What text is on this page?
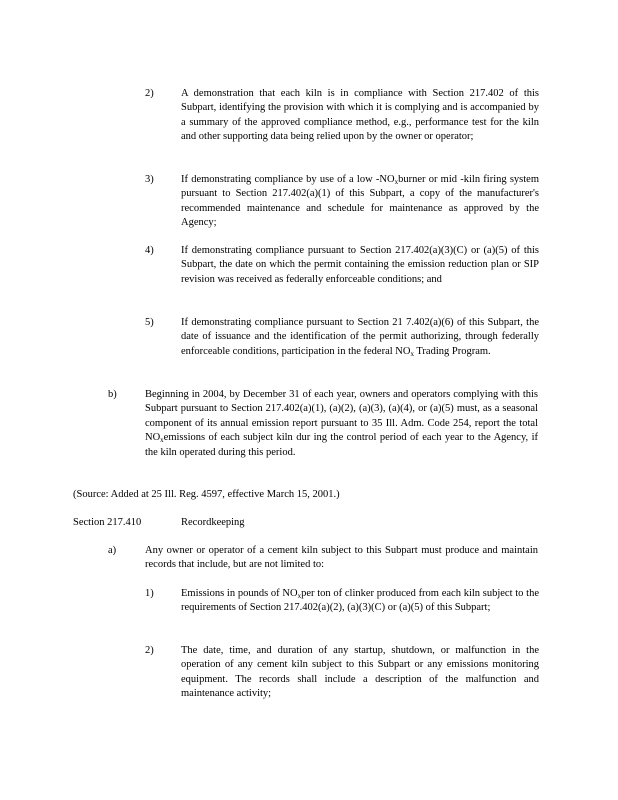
2)	A demonstration that each kiln is in compliance with Section 217.402 of this Subpart, identifying the provision with which it is complying and is accompanied by a summary of the approved compliance method, e.g., performance test for the kiln and other supporting data being relied upon by the owner or operator;
3)	If demonstrating compliance by use of a low $-NO_xburner$ or mid -kiln firing system pursuant to Section 217.402(a)(1) of this Subpart, a copy of the manufacturer's recommended maintenance and schedule for maintenance as approved by the Agency;
4)	If demonstrating compliance pursuant to Section 217.402(a)(3)(C) or (a)(5) of this Subpart, the date on which the permit containing the emission reduction plan or SIP revision was received as federally enforceable conditions; and
5)	If demonstrating compliance pursuant to Section 21 7.402(a)(6) of this Subpart, the date of issuance and the identification of the permit authorizing, through federally enforceable conditions, participation in the federal $NO_x$ Trading Program.
b)	Beginning in 2004, by December 31 of each year, owners and operators complying with this Subpart pursuant to Section 217.402(a)(1), (a)(2), (a)(3), (a)(4), or (a)(5) must, as a seasonal component of its annual emission report pursuant to 35 Ill. Adm. Code 254, report the total $NO_xemissions$ of each subject kiln dur ing the control period of each year to the Agency, if the kiln operated during this period.
(Source: Added at 25 Ill. Reg. 4597, effective March 15, 2001.)
Section 217.410	Recordkeeping
a)	Any owner or operator of a cement kiln subject to this Subpart must produce and maintain records that include, but are not limited to:
1)	Emissions in pounds of $NO_xper$ ton of clinker produced from each kiln subject to the requirements of Section 217.402(a)(2), (a)(3)(C) or (a)(5) of this Subpart;
2)	The date, time, and duration of any startup, shutdown, or malfunction in the operation of any cement kiln subject to this Subpart or any emissions monitoring equipment. The records shall include a description of the malfunction and maintenance activity;
